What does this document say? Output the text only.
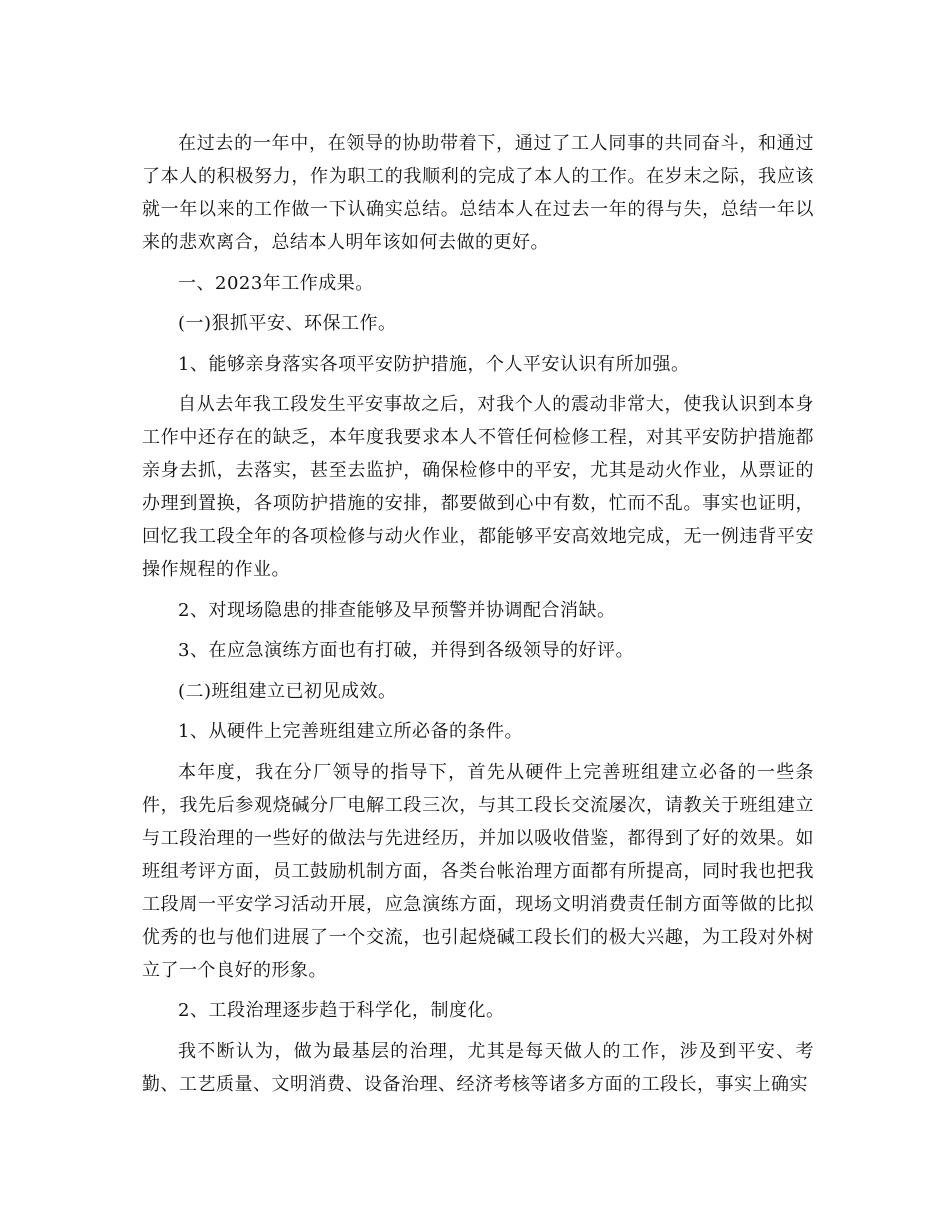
在过去的一年中，在领导的协助带着下，通过了工人同事的共同奋斗，和通过了本人的积极努力，作为职工的我顺利的完成了本人的工作。在岁末之际，我应该就一年以来的工作做一下认确实总结。总结本人在过去一年的得与失，总结一年以来的悲欢离合，总结本人明年该如何去做的更好。

一、2023年工作成果。

(一)狠抓平安、环保工作。

1、能够亲身落实各项平安防护措施，个人平安认识有所加强。

自从去年我工段发生平安事故之后，对我个人的震动非常大，使我认识到本身工作中还存在的缺乏，本年度我要求本人不管任何检修工程，对其平安防护措施都亲身去抓，去落实，甚至去监护，确保检修中的平安，尤其是动火作业，从票证的办理到置换，各项防护措施的安排，都要做到心中有数，忙而不乱。事实也证明，回忆我工段全年的各项检修与动火作业，都能够平安高效地完成，无一例违背平安操作规程的作业。

2、对现场隐患的排查能够及早预警并协调配合消缺。

3、在应急演练方面也有打破，并得到各级领导的好评。

(二)班组建立已初见成效。

1、从硬件上完善班组建立所必备的条件。

本年度，我在分厂领导的指导下，首先从硬件上完善班组建立必备的一些条件，我先后参观烧碱分厂电解工段三次，与其工段长交流屡次，请教关于班组建立与工段治理的一些好的做法与先进经历，并加以吸收借鉴，都得到了好的效果。如班组考评方面，员工鼓励机制方面，各类台帐治理方面都有所提高，同时我也把我工段周一平安学习活动开展，应急演练方面，现场文明消费责任制方面等做的比拟优秀的也与他们进展了一个交流，也引起烧碱工段长们的极大兴趣，为工段对外树立了一个良好的形象。

2、工段治理逐步趋于科学化，制度化。

我不断认为，做为最基层的治理，尤其是每天做人的工作，涉及到平安、考勤、工艺质量、文明消费、设备治理、经济考核等诸多方面的工段长，事实上确实
